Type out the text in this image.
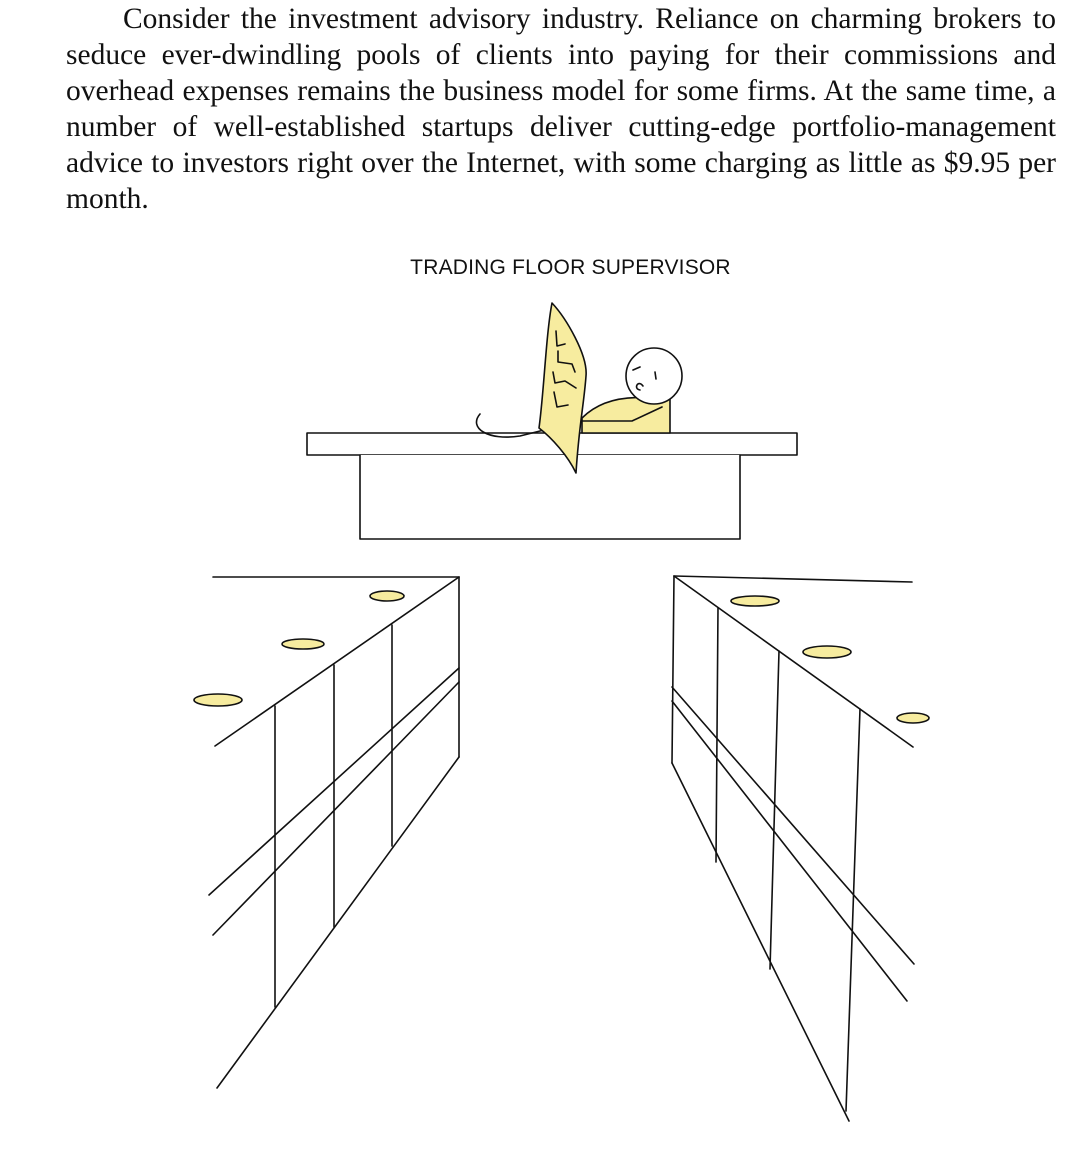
Consider the investment advisory industry. Reliance on charming brokers to seduce ever-dwindling pools of clients into paying for their commissions and overhead expenses remains the business model for some firms. At the same time, a number of well-established startups deliver cutting-edge portfolio-management advice to investors right over the Internet, with some charging as little as $9.95 per month.

TRADING FLOOR SUPERVISOR
